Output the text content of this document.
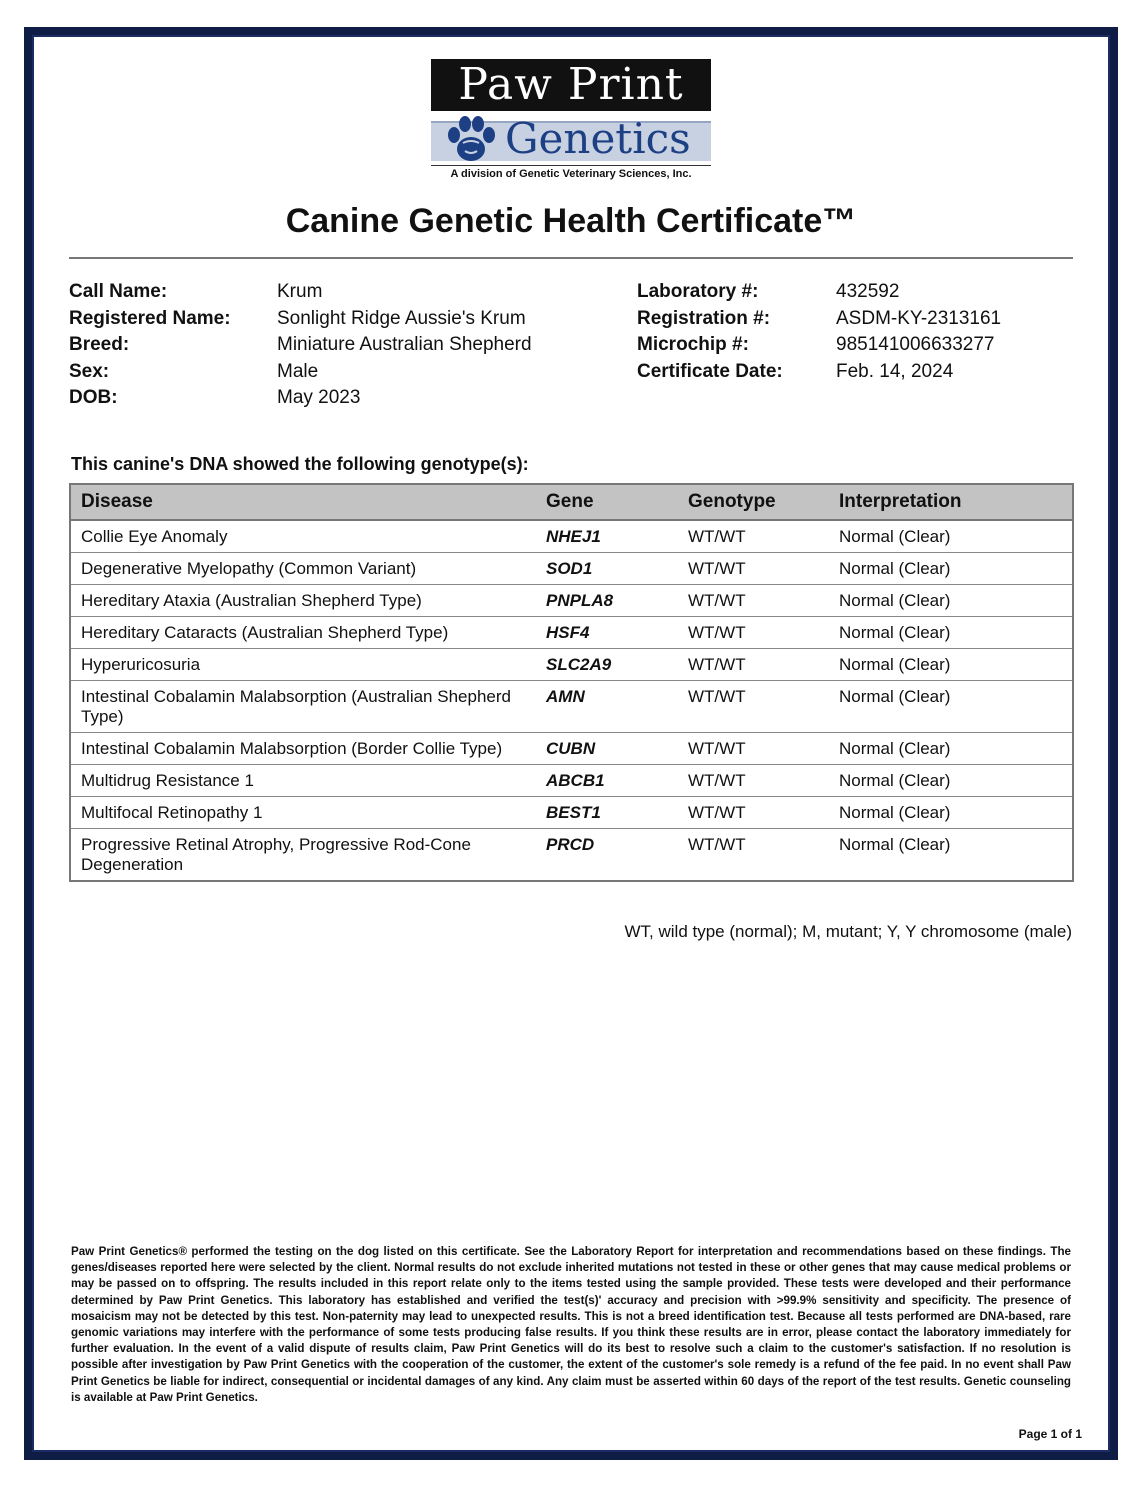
Paw Print
Genetics
A division of Genetic Veterinary Sciences, Inc.
Canine Genetic Health Certificate™
Call Name:	Krum
Registered Name:	Sonlight Ridge Aussie's Krum
Breed:	Miniature Australian Shepherd
Sex:	Male
DOB:	May 2023
Laboratory #:	432592
Registration #:	ASDM-KY-2313161
Microchip #:	985141006633277
Certificate Date:	Feb. 14, 2024
This canine's DNA showed the following genotype(s):
Disease	Gene	Genotype	Interpretation
Collie Eye Anomaly	NHEJ1	WT/WT	Normal (Clear)
Degenerative Myelopathy (Common Variant)	SOD1	WT/WT	Normal (Clear)
Hereditary Ataxia (Australian Shepherd Type)	PNPLA8	WT/WT	Normal (Clear)
Hereditary Cataracts (Australian Shepherd Type)	HSF4	WT/WT	Normal (Clear)
Hyperuricosuria	SLC2A9	WT/WT	Normal (Clear)
Intestinal Cobalamin Malabsorption (Australian Shepherd Type)	AMN	WT/WT	Normal (Clear)
Intestinal Cobalamin Malabsorption (Border Collie Type)	CUBN	WT/WT	Normal (Clear)
Multidrug Resistance 1	ABCB1	WT/WT	Normal (Clear)
Multifocal Retinopathy 1	BEST1	WT/WT	Normal (Clear)
Progressive Retinal Atrophy, Progressive Rod-Cone Degeneration	PRCD	WT/WT	Normal (Clear)
WT, wild type (normal); M, mutant; Y, Y chromosome (male)
Paw Print Genetics® performed the testing on the dog listed on this certificate. See the Laboratory Report for interpretation and recommendations based on these findings. The genes/diseases reported here were selected by the client. Normal results do not exclude inherited mutations not tested in these or other genes that may cause medical problems or may be passed on to offspring. The results included in this report relate only to the items tested using the sample provided. These tests were developed and their performance determined by Paw Print Genetics. This laboratory has established and verified the test(s)' accuracy and precision with >99.9% sensitivity and specificity. The presence of mosaicism may not be detected by this test. Non-paternity may lead to unexpected results. This is not a breed identification test. Because all tests performed are DNA-based, rare genomic variations may interfere with the performance of some tests producing false results. If you think these results are in error, please contact the laboratory immediately for further evaluation. In the event of a valid dispute of results claim, Paw Print Genetics will do its best to resolve such a claim to the customer's satisfaction. If no resolution is possible after investigation by Paw Print Genetics with the cooperation of the customer, the extent of the customer's sole remedy is a refund of the fee paid. In no event shall Paw Print Genetics be liable for indirect, consequential or incidental damages of any kind. Any claim must be asserted within 60 days of the report of the test results. Genetic counseling is available at Paw Print Genetics.
Page 1 of 1
